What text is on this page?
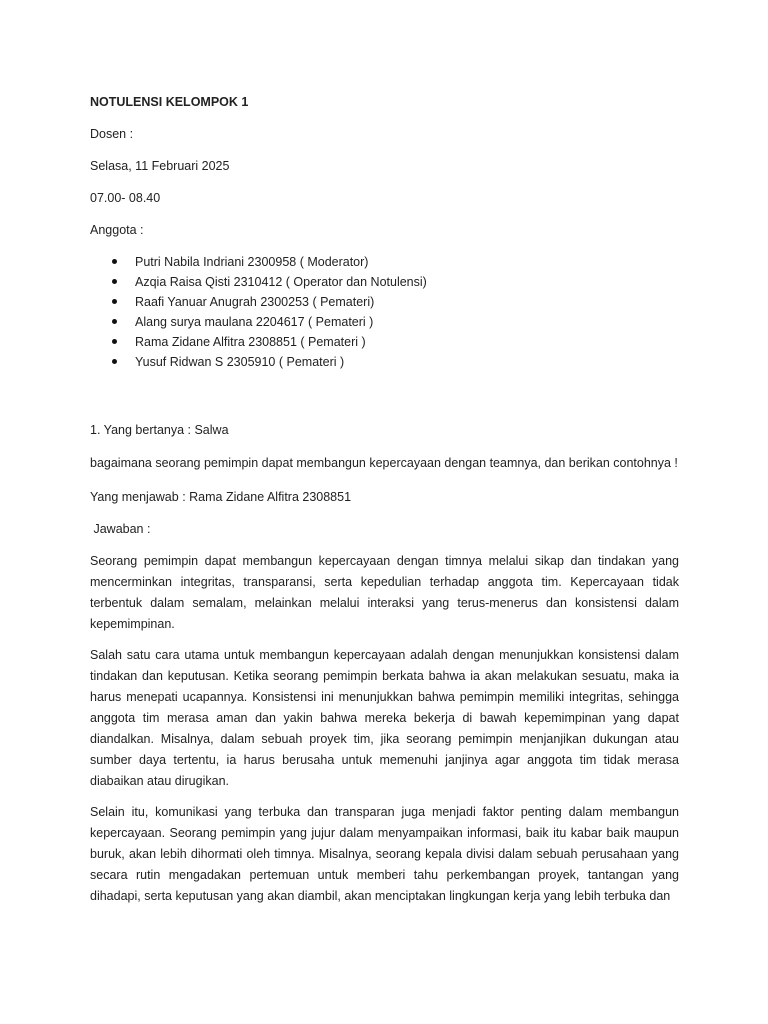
NOTULENSI KELOMPOK 1

Dosen :

Selasa, 11 Februari 2025

07.00- 08.40

Anggota :

Putri Nabila Indriani 2300958 ( Moderator)
Azqia Raisa Qisti 2310412 ( Operator dan Notulensi)
Raafi Yanuar Anugrah 2300253 ( Pemateri)
Alang surya maulana 2204617 ( Pemateri )
Rama Zidane Alfitra 2308851 ( Pemateri )
Yusuf Ridwan S 2305910 ( Pemateri )

1. Yang bertanya : Salwa

bagaimana seorang pemimpin dapat membangun kepercayaan dengan teamnya, dan berikan contohnya !

Yang menjawab : Rama Zidane Alfitra 2308851

Jawaban :

Seorang pemimpin dapat membangun kepercayaan dengan timnya melalui sikap dan tindakan yang mencerminkan integritas, transparansi, serta kepedulian terhadap anggota tim. Kepercayaan tidak terbentuk dalam semalam, melainkan melalui interaksi yang terus-menerus dan konsistensi dalam kepemimpinan.

Salah satu cara utama untuk membangun kepercayaan adalah dengan menunjukkan konsistensi dalam tindakan dan keputusan. Ketika seorang pemimpin berkata bahwa ia akan melakukan sesuatu, maka ia harus menepati ucapannya. Konsistensi ini menunjukkan bahwa pemimpin memiliki integritas, sehingga anggota tim merasa aman dan yakin bahwa mereka bekerja di bawah kepemimpinan yang dapat diandalkan. Misalnya, dalam sebuah proyek tim, jika seorang pemimpin menjanjikan dukungan atau sumber daya tertentu, ia harus berusaha untuk memenuhi janjinya agar anggota tim tidak merasa diabaikan atau dirugikan.

Selain itu, komunikasi yang terbuka dan transparan juga menjadi faktor penting dalam membangun kepercayaan. Seorang pemimpin yang jujur dalam menyampaikan informasi, baik itu kabar baik maupun buruk, akan lebih dihormati oleh timnya. Misalnya, seorang kepala divisi dalam sebuah perusahaan yang secara rutin mengadakan pertemuan untuk memberi tahu perkembangan proyek, tantangan yang dihadapi, serta keputusan yang akan diambil, akan menciptakan lingkungan kerja yang lebih terbuka dan
